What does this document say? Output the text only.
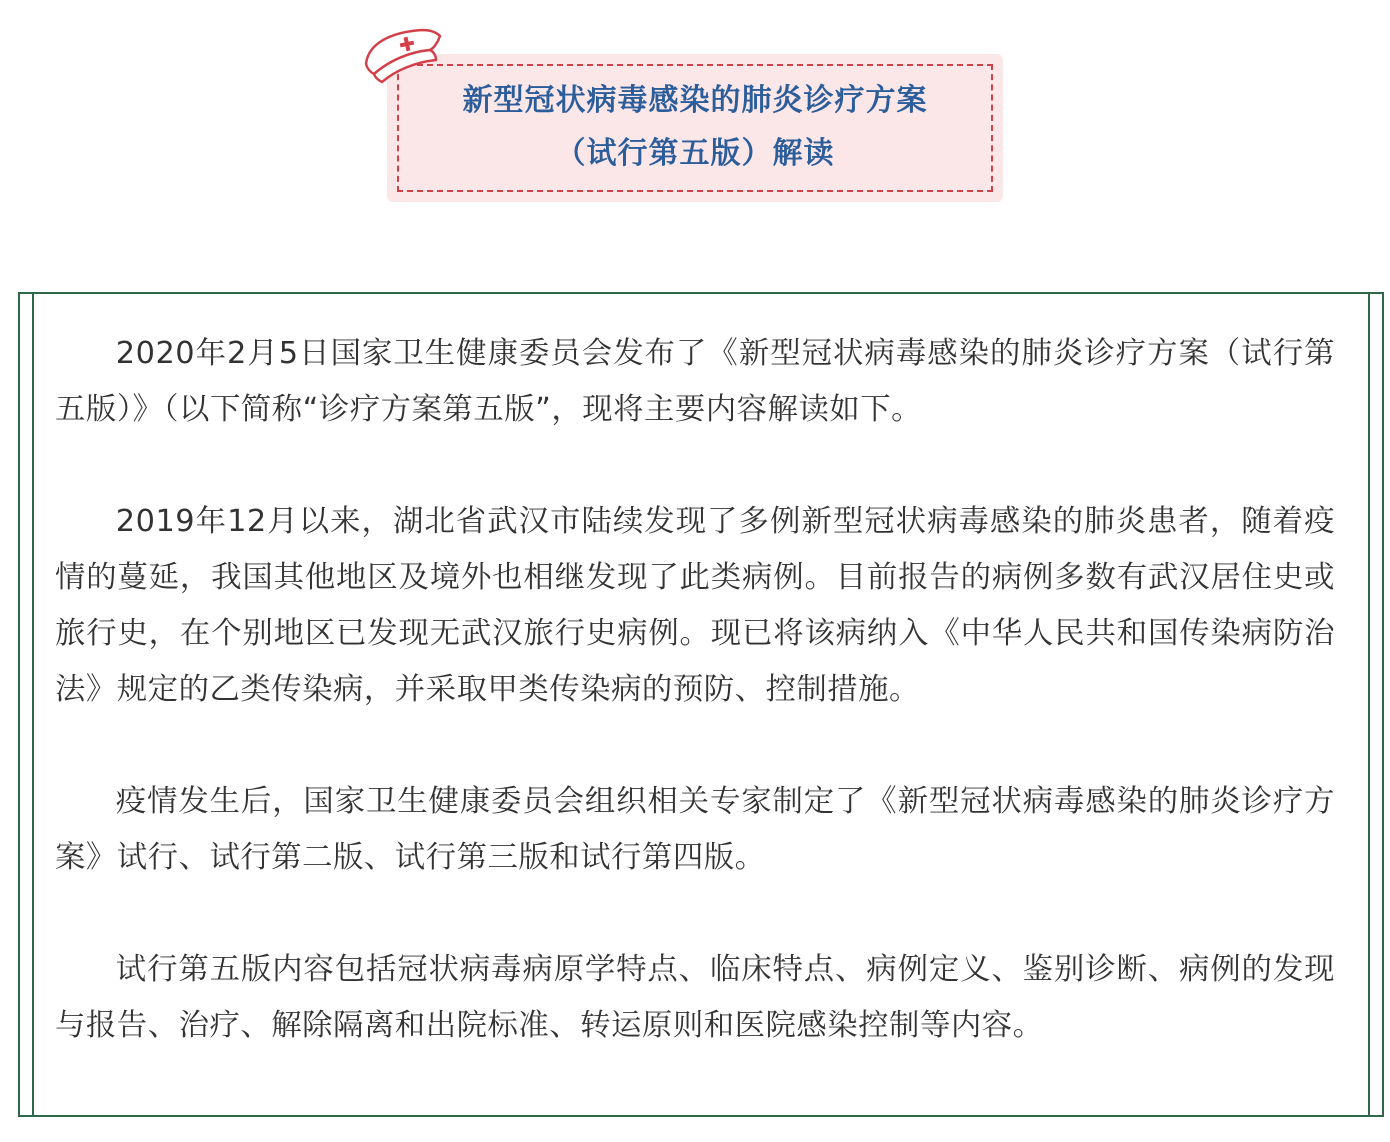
新型冠状病毒感染的肺炎诊疗方案
（试行第五版）解读

2020年2月5日国家卫生健康委员会发布了《新型冠状病毒感染的肺炎诊疗方案（试行第五版）》（以下简称“诊疗方案第五版”，现将主要内容解读如下。

2019年12月以来，湖北省武汉市陆续发现了多例新型冠状病毒感染的肺炎患者，随着疫情的蔓延，我国其他地区及境外也相继发现了此类病例。目前报告的病例多数有武汉居住史或旅行史，在个别地区已发现无武汉旅行史病例。现已将该病纳入《中华人民共和国传染病防治法》规定的乙类传染病，并采取甲类传染病的预防、控制措施。

疫情发生后，国家卫生健康委员会组织相关专家制定了《新型冠状病毒感染的肺炎诊疗方案》试行、试行第二版、试行第三版和试行第四版。

试行第五版内容包括冠状病毒病原学特点、临床特点、病例定义、鉴别诊断、病例的发现与报告、治疗、解除隔离和出院标准、转运原则和医院感染控制等内容。
